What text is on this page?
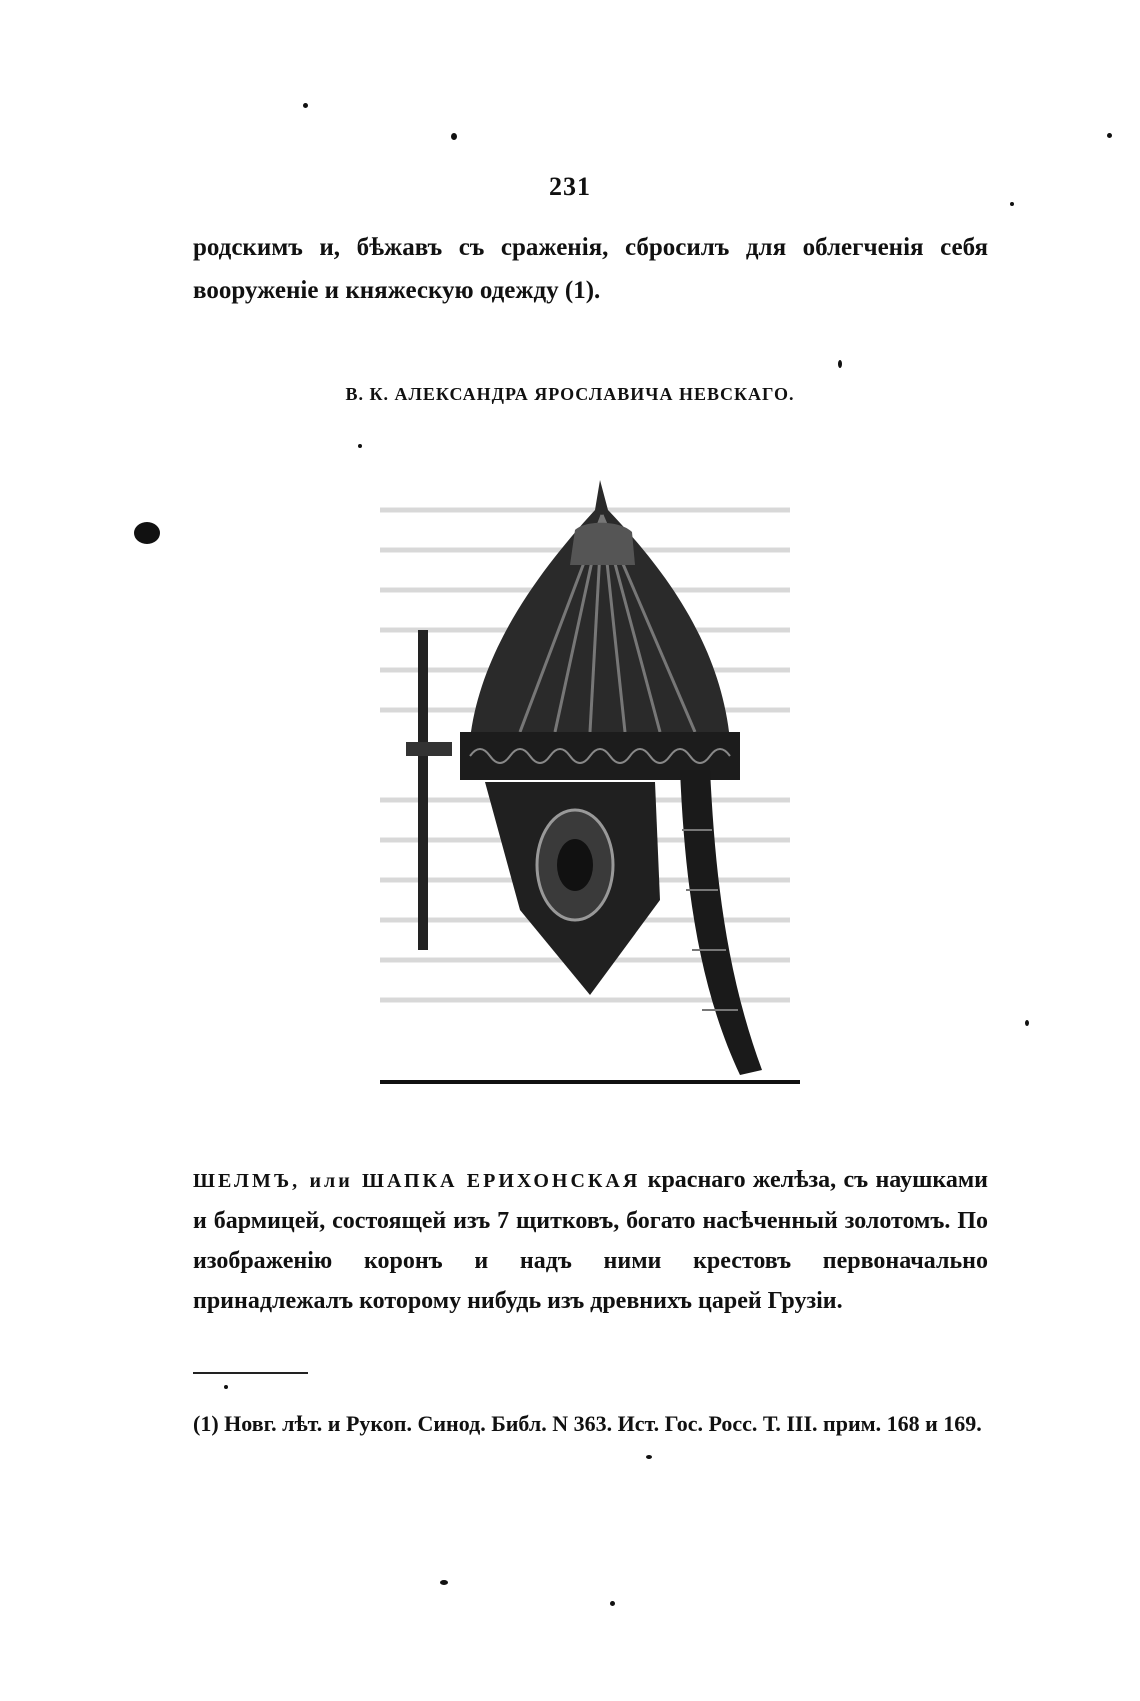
231
родскимъ и, бѣжавъ съ сраженія, сбросилъ для облегченія себя вооруженіе и княжескую одежду (1).
В. К. АЛЕКСАНДРА ЯРОСЛАВИЧА НЕВСКАГО.
ШЕЛМЪ, или ШАПКА ЕРИХОНСКАЯ краснаго желѣза, съ наушками и бармицей, состоящей изъ 7 щитковъ, богато насѣченный золотомъ. По изображенію коронъ и надъ ними крестовъ первоначально принадлежалъ которому нибудь изъ древнихъ царей Грузіи.
(1) Новг. лѣт. и Рукоп. Синод. Библ. N 363. Ист. Гос. Росс. Т. III. прим. 168 и 169.
